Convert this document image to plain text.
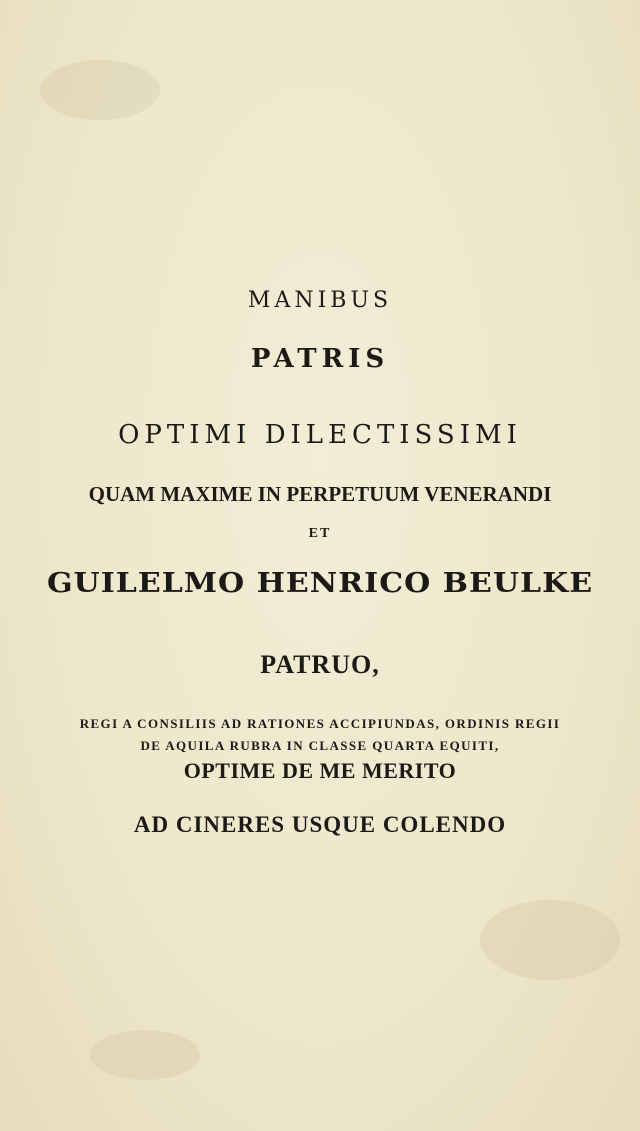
MANIBUS
PATRIS
OPTIMI DILECTISSIMI
QUAM MAXIME IN PERPETUUM VENERANDI
ET
GUILELMO HENRICO BEULKE
PATRUO,
REGI A CONSILIIS AD RATIONES ACCIPIUNDAS, ORDINIS REGII
DE AQUILA RUBRA IN CLASSE QUARTA EQUITI,
OPTIME DE ME MERITO
AD CINERES USQUE COLENDO
